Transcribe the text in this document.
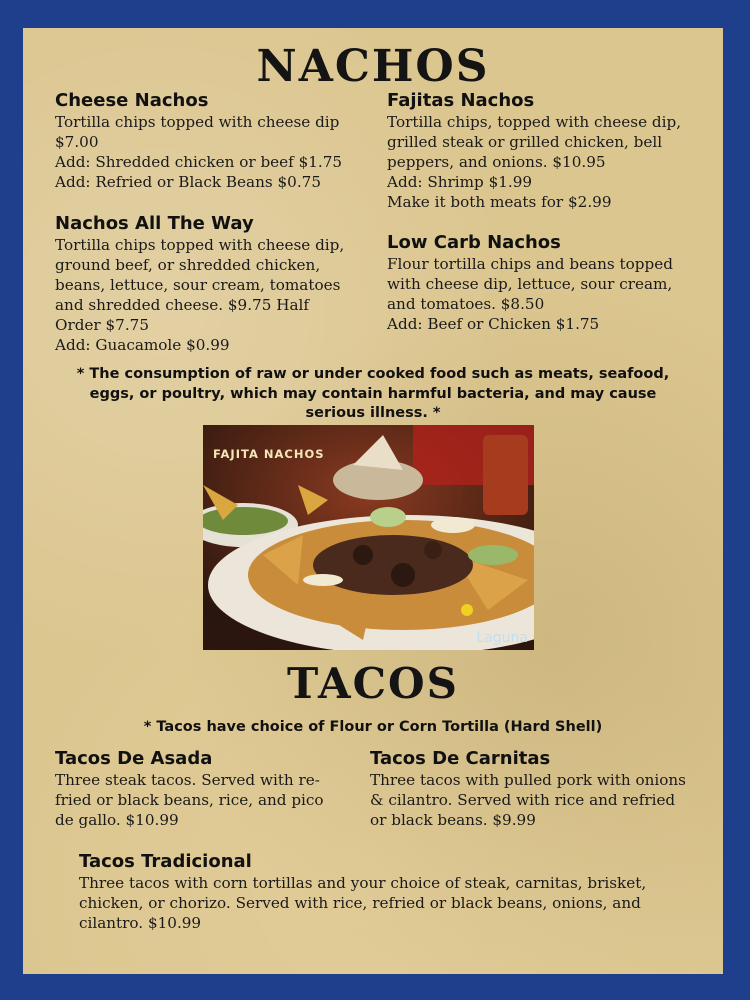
NACHOS
Cheese Nachos
Tortilla chips topped with cheese dip
$7.00
Add: Shredded chicken or beef $1.75
Add: Refried or Black Beans $0.75
Nachos All The Way
Tortilla chips topped with cheese dip,
ground beef, or shredded chicken,
beans, lettuce, sour cream, tomatoes
and shredded cheese. $9.75 Half
Order $7.75
Add: Guacamole $0.99
Fajitas Nachos
Tortilla chips, topped with cheese dip,
grilled steak or grilled chicken, bell
peppers, and onions. $10.95
Add: Shrimp $1.99
Make it both meats for $2.99
Low Carb Nachos
Flour tortilla chips and beans topped
with cheese dip, lettuce, sour cream,
and tomatoes. $8.50
Add: Beef or Chicken $1.75
* The consumption of raw or under cooked food such as meats, seafood,
eggs, or poultry, which may contain harmful bacteria, and may cause
serious illness. *
FAJITA NACHOS
Laguna
TACOS
* Tacos have choice of Flour or Corn Tortilla (Hard Shell)
Tacos De Asada
Three steak tacos. Served with re-
fried or black beans, rice, and pico
de gallo. $10.99
Tacos De Carnitas
Three tacos with pulled pork with onions
& cilantro. Served with rice and refried
or black beans. $9.99
Tacos Tradicional
Three tacos with corn tortillas and your choice of steak, carnitas, brisket,
chicken, or chorizo. Served with rice, refried or black beans, onions, and
cilantro. $10.99
